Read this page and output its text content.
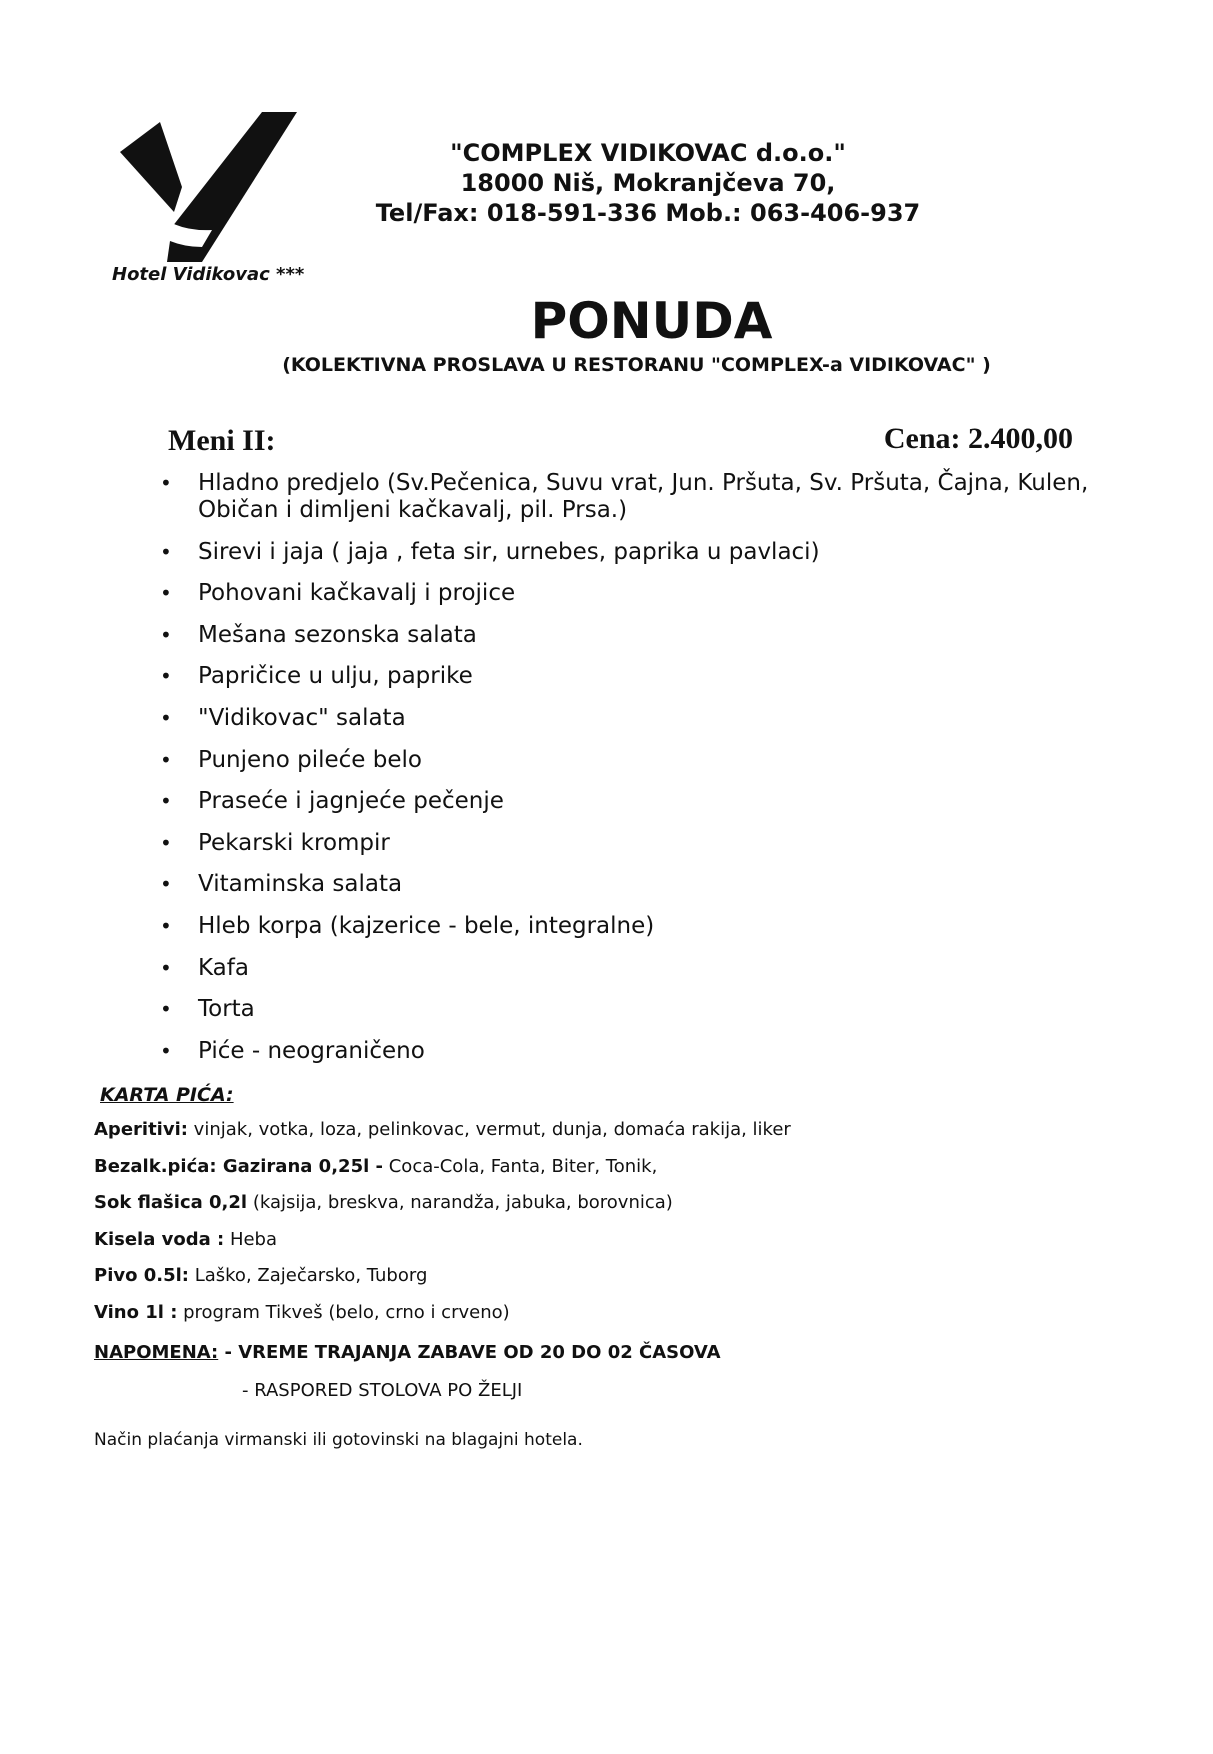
Hotel Vidikovac ***
"COMPLEX VIDIKOVAC d.o.o."
18000 Niš, Mokranjčeva 70,
Tel/Fax: 018-591-336 Mob.: 063-406-937
PONUDA
(KOLEKTIVNA PROSLAVA U RESTORANU "COMPLEX-a VIDIKOVAC" )
Meni II:	Cena: 2.400,00
• Hladno predjelo (Sv.Pečenica, Suvu vrat, Jun. Pršuta, Sv. Pršuta, Čajna, Kulen, Običan i dimljeni kačkavalj, pil. Prsa.)
• Sirevi i jaja ( jaja , feta sir, urnebes, paprika u pavlaci)
• Pohovani kačkavalj i projice
• Mešana sezonska salata
• Papričice u ulju, paprike
• "Vidikovac" salata
• Punjeno pileće belo
• Praseće i jagnjeće pečenje
• Pekarski krompir
• Vitaminska salata
• Hleb korpa (kajzerice - bele, integralne)
• Kafa
• Torta
• Piće - neograničeno
KARTA PIĆA:
Aperitivi: vinjak, votka, loza, pelinkovac, vermut, dunja, domaća rakija, liker
Bezalk.pića: Gazirana 0,25l - Coca-Cola, Fanta, Biter, Tonik,
Sok flašica 0,2l (kajsija, breskva, narandža, jabuka, borovnica)
Kisela voda : Heba
Pivo 0.5l: Laško, Zaječarsko, Tuborg
Vino 1l : program Tikveš (belo, crno i crveno)
NAPOMENA: - VREME TRAJANJA ZABAVE OD 20 DO 02 ČASOVA
- RASPORED STOLOVA PO ŽELJI
Način plaćanja virmanski ili gotovinski na blagajni hotela.
